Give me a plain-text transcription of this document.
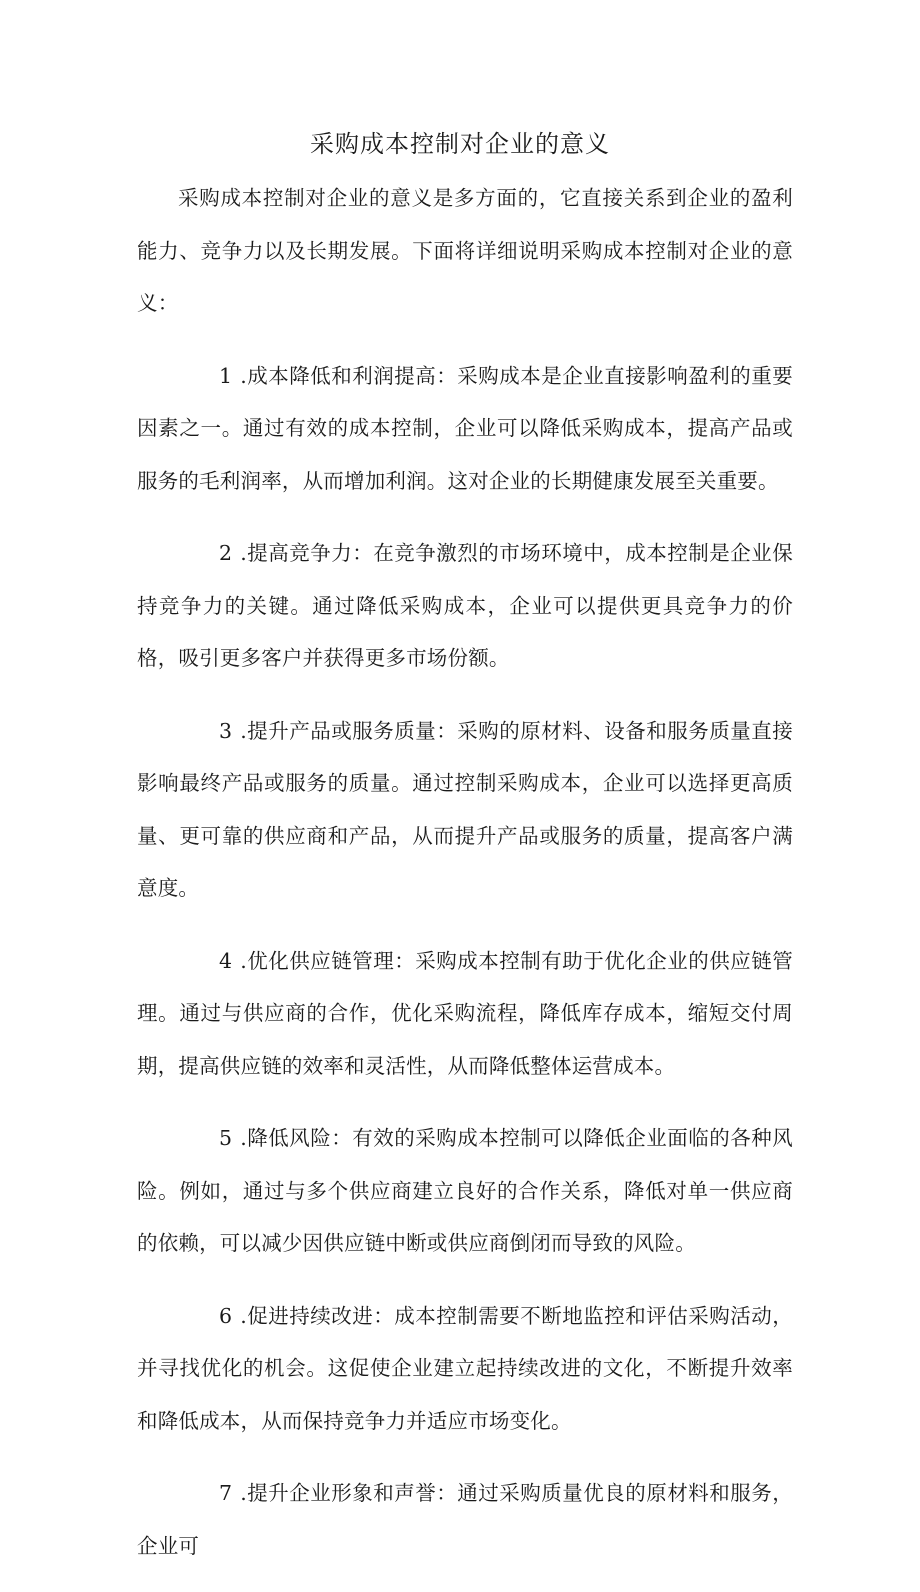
采购成本控制对企业的意义

采购成本控制对企业的意义是多方面的，它直接关系到企业的盈利能力、竞争力以及长期发展。下面将详细说明采购成本控制对企业的意义：

1 .成本降低和利润提高：采购成本是企业直接影响盈利的重要因素之一。通过有效的成本控制，企业可以降低采购成本，提高产品或服务的毛利润率，从而增加利润。这对企业的长期健康发展至关重要。

2 .提高竞争力：在竞争激烈的市场环境中，成本控制是企业保持竞争力的关键。通过降低采购成本，企业可以提供更具竞争力的价格，吸引更多客户并获得更多市场份额。

3 .提升产品或服务质量：采购的原材料、设备和服务质量直接影响最终产品或服务的质量。通过控制采购成本，企业可以选择更高质量、更可靠的供应商和产品，从而提升产品或服务的质量，提高客户满意度。

4 .优化供应链管理：采购成本控制有助于优化企业的供应链管理。通过与供应商的合作，优化采购流程，降低库存成本，缩短交付周期，提高供应链的效率和灵活性，从而降低整体运营成本。

5 .降低风险：有效的采购成本控制可以降低企业面临的各种风险。例如，通过与多个供应商建立良好的合作关系，降低对单一供应商的依赖，可以减少因供应链中断或供应商倒闭而导致的风险。

6 .促进持续改进：成本控制需要不断地监控和评估采购活动，并寻找优化的机会。这促使企业建立起持续改进的文化，不断提升效率和降低成本，从而保持竞争力并适应市场变化。

7 .提升企业形象和声誉：通过采购质量优良的原材料和服务，企业可
